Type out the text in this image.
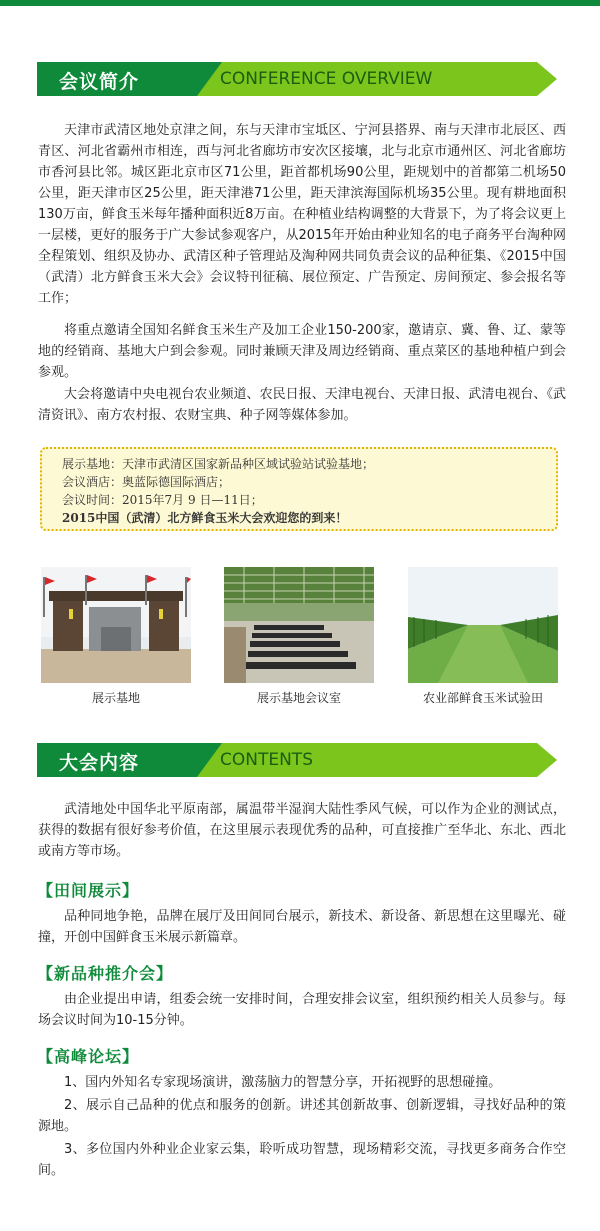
会议简介	CONFERENCE OVERVIEW

天津市武清区地处京津之间，东与天津市宝坻区、宁河县搭界、南与天津市北辰区、西青区、河北省霸州市相连，西与河北省廊坊市安次区接壤，北与北京市通州区、河北省廊坊市香河县比邻。城区距北京市区71公里，距首都机场90公里，距规划中的首都第二机场50公里，距天津市区25公里，距天津港71公里，距天津滨海国际机场35公里。现有耕地面积130万亩，鲜食玉米每年播种面积近8万亩。在种植业结构调整的大背景下，为了将会议更上一层楼，更好的服务于广大参试参观客户，从2015年开始由种业知名的电子商务平台淘种网全程策划、组织及协办、武清区种子管理站及淘种网共同负责会议的品种征集、《2015中国（武清）北方鲜食玉米大会》会议特刊征稿、展位预定、广告预定、房间预定、参会报名等工作；

将重点邀请全国知名鲜食玉米生产及加工企业150-200家，邀请京、冀、鲁、辽、蒙等地的经销商、基地大户到会参观。同时兼顾天津及周边经销商、重点菜区的基地种植户到会参观。

大会将邀请中央电视台农业频道、农民日报、天津电视台、天津日报、武清电视台、《武清资讯》、南方农村报、农财宝典、种子网等媒体参加。

展示基地：天津市武清区国家新品种区域试验站试验基地；
会议酒店：奥蓝际德国际酒店；
会议时间：2015年7月 9 日—11日；
2015中国（武清）北方鲜食玉米大会欢迎您的到来！
展示基地	展示基地会议室	农业部鲜食玉米试验田
大会内容	CONTENTS

武清地处中国华北平原南部，属温带半湿润大陆性季风气候，可以作为企业的测试点，获得的数据有很好参考价值，在这里展示表现优秀的品种，可直接推广至华北、东北、西北或南方等市场。

【田间展示】

品种同地争艳，品牌在展厅及田间同台展示，新技术、新设备、新思想在这里曝光、碰撞，开创中国鲜食玉米展示新篇章。

【新品种推介会】

由企业提出申请，组委会统一安排时间，合理安排会议室，组织预约相关人员参与。每场会议时间为10-15分钟。

【高峰论坛】

1、国内外知名专家现场演讲，激荡脑力的智慧分享，开拓视野的思想碰撞。

2、展示自己品种的优点和服务的创新。讲述其创新故事、创新逻辑，寻找好品种的策源地。

3、多位国内外种业企业家云集，聆听成功智慧，现场精彩交流，寻找更多商务合作空间。
